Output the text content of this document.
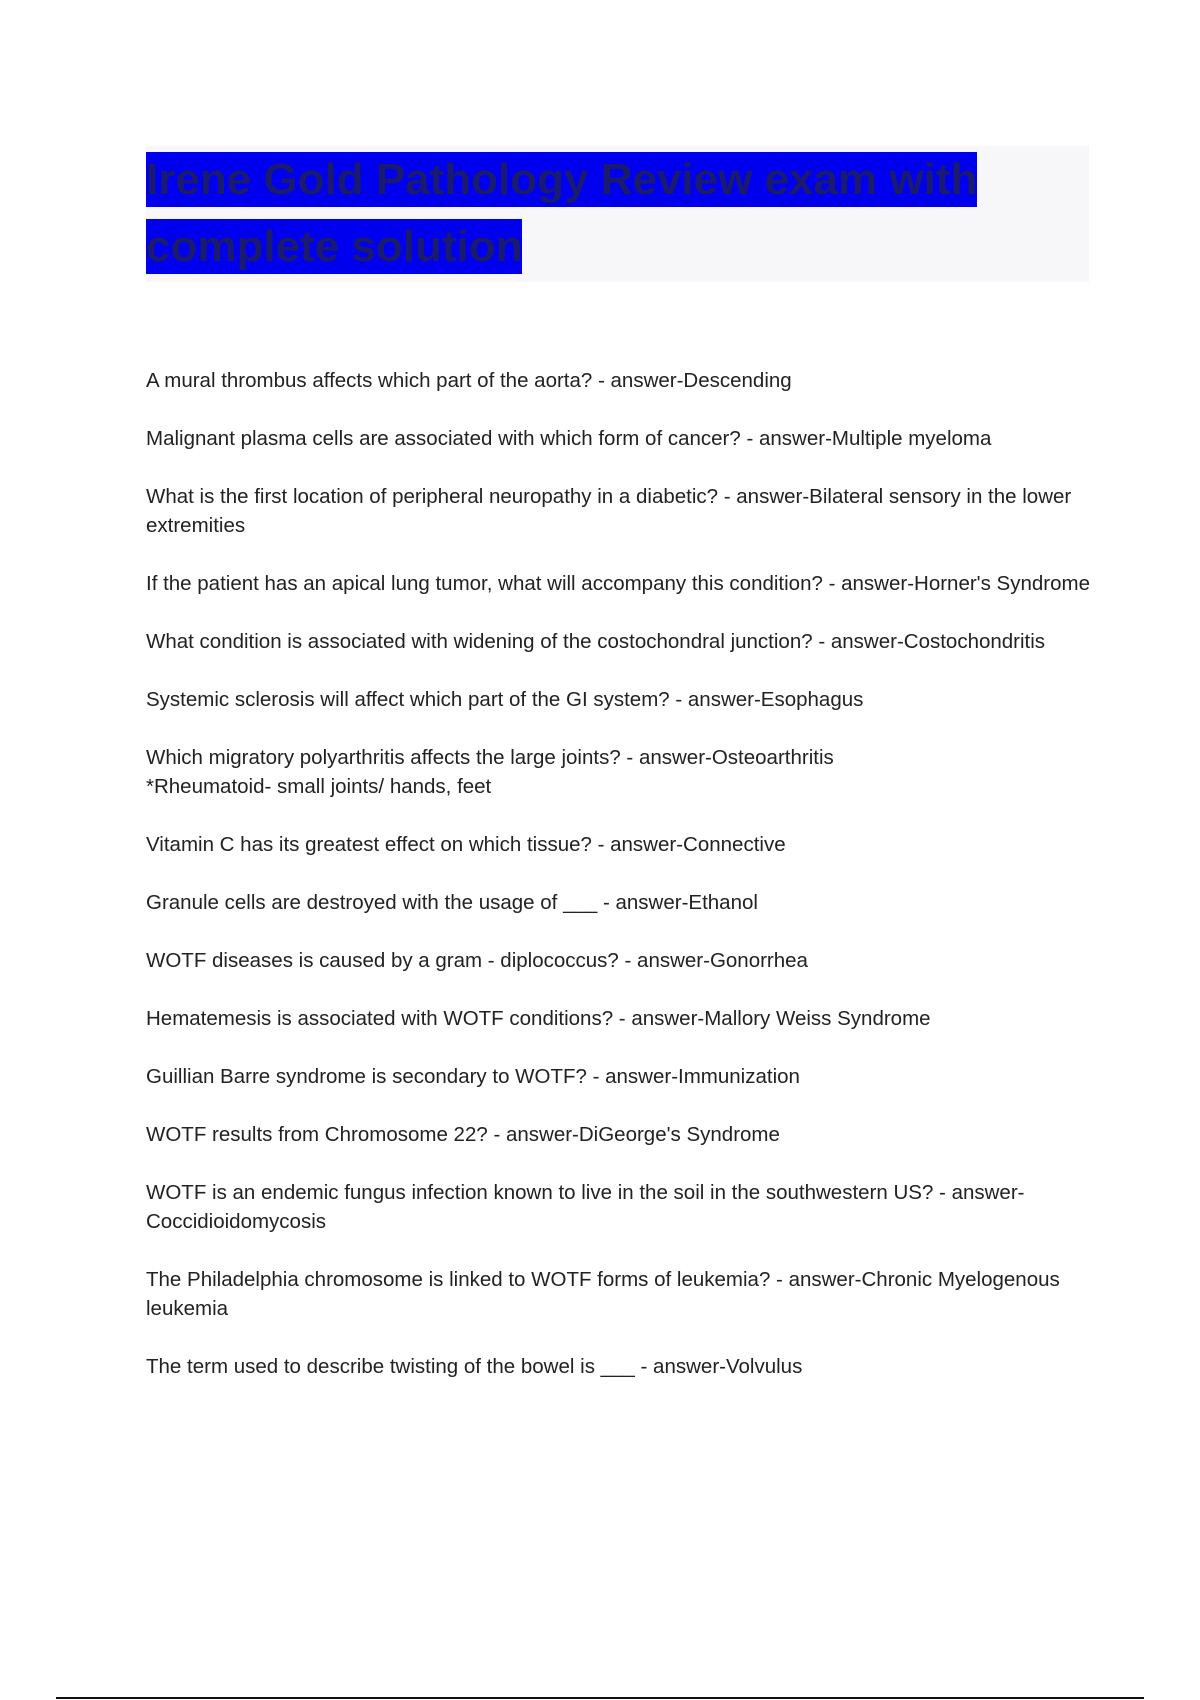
Irene Gold Pathology Review exam with complete solution
A mural thrombus affects which part of the aorta? - answer-Descending
Malignant plasma cells are associated with which form of cancer? - answer-Multiple myeloma
What is the first location of peripheral neuropathy in a diabetic? - answer-Bilateral sensory in the lower extremities
If the patient has an apical lung tumor, what will accompany this condition? - answer-Horner's Syndrome
What condition is associated with widening of the costochondral junction? - answer-Costochondritis
Systemic sclerosis will affect which part of the GI system? - answer-Esophagus
Which migratory polyarthritis affects the large joints? - answer-Osteoarthritis
*Rheumatoid- small joints/ hands, feet
Vitamin C has its greatest effect on which tissue? - answer-Connective
Granule cells are destroyed with the usage of ___ - answer-Ethanol
WOTF diseases is caused by a gram - diplococcus? - answer-Gonorrhea
Hematemesis is associated with WOTF conditions? - answer-Mallory Weiss Syndrome
Guillian Barre syndrome is secondary to WOTF? - answer-Immunization
WOTF results from Chromosome 22? - answer-DiGeorge's Syndrome
WOTF is an endemic fungus infection known to live in the soil in the southwestern US? - answer-Coccidioidomycosis
The Philadelphia chromosome is linked to WOTF forms of leukemia? - answer-Chronic Myelogenous leukemia
The term used to describe twisting of the bowel is ___ - answer-Volvulus
